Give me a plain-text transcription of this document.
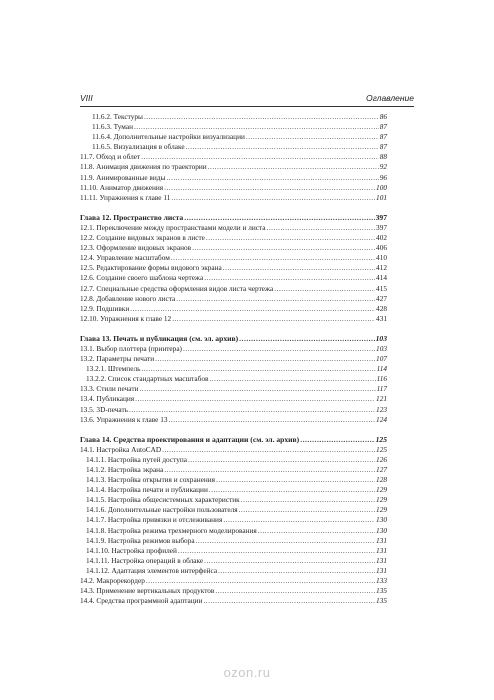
VIII	Оглавление
11.6.2. Текстуры .....	86
11.6.3. Туман .....	87
11.6.4. Дополнительные настройки визуализации .....	87
11.6.5. Визуализация в облаке .....	87
11.7. Обход и облет .....	88
11.8. Анимация движения по траектории .....	92
11.9. Анимированные виды .....	96
11.10. Аниматор движения .....	100
11.11. Упражнения к главе 11 .....	101
Глава 12. Пространство листа .....	397
12.1. Переключение между пространствами модели и листа .....	397
12.2. Создание видовых экранов в листе .....	402
12.3. Оформление видовых экранов .....	406
12.4. Управление масштабом .....	410
12.5. Редактирование формы видового экрана .....	412
12.6. Создание своего шаблона чертежа .....	414
12.7. Специальные средства оформления видов листа чертежа .....	415
12.8. Добавление нового листа .....	427
12.9. Подшивки .....	428
12.10. Упражнения к главе 12 .....	431
Глава 13. Печать и публикация (см. эл. архив) .....	103
13.1. Выбор плоттера (принтера) .....	103
13.2. Параметры печати .....	107
13.2.1. Штемпель .....	114
13.2.2. Список стандартных масштабов .....	116
13.3. Стили печати .....	117
13.4. Публикация .....	121
13.5. 3D-печать .....	123
13.6. Упражнения к главе 13 .....	124
Глава 14. Средства проектирования и адаптации (см. эл. архив) .....	125
14.1. Настройка AutoCAD .....	125
14.1.1. Настройка путей доступа .....	126
14.1.2. Настройка экрана .....	127
14.1.3. Настройка открытия и сохранения .....	128
14.1.4. Настройка печати и публикации .....	129
14.1.5. Настройка общесистемных характеристик .....	129
14.1.6. Дополнительные настройки пользователя .....	129
14.1.7. Настройка привязки и отслеживания .....	130
14.1.8. Настройка режима трехмерного моделирования .....	130
14.1.9. Настройка режимов выбора .....	131
14.1.10. Настройка профилей .....	131
14.1.11. Настройка операций в облаке .....	131
14.1.12. Адаптация элементов интерфейса .....	131
14.2. Макрорекордер .....	133
14.3. Применение вертикальных продуктов .....	135
14.4. Средства программной адаптации .....	135
ozon.ru
